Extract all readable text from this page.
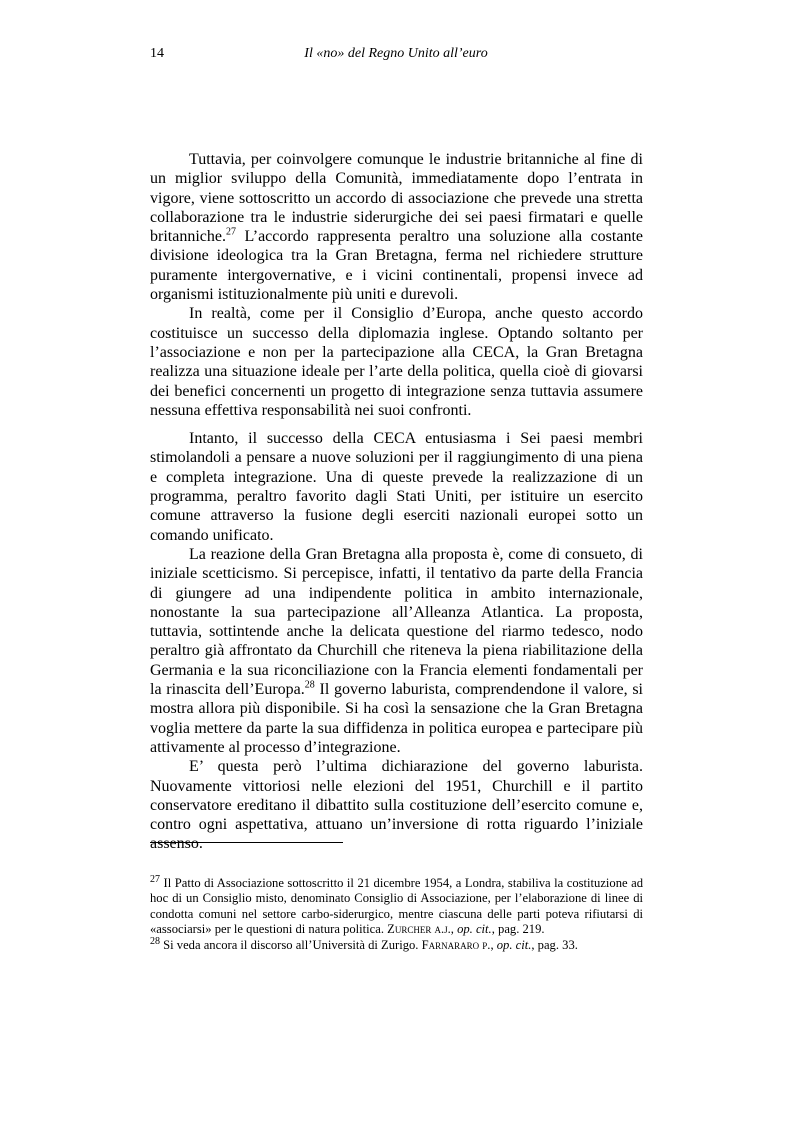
14	Il «no» del Regno Unito all’euro

Tuttavia, per coinvolgere comunque le industrie britanniche al fine di un miglior sviluppo della Comunità, immediatamente dopo l’entrata in vigore, viene sottoscritto un accordo di associazione che prevede una stretta collaborazione tra le industrie siderurgiche dei sei paesi firmatari e quelle britanniche.$^{27}$ L’accordo rappresenta peraltro una soluzione alla costante divisione ideologica tra la Gran Bretagna, ferma nel richiedere strutture puramente intergovernative, e i vicini continentali, propensi invece ad organismi istituzionalmente più uniti e durevoli.

In realtà, come per il Consiglio d’Europa, anche questo accordo costituisce un successo della diplomazia inglese. Optando soltanto per l’associazione e non per la partecipazione alla CECA, la Gran Bretagna realizza una situazione ideale per l’arte della politica, quella cioè di giovarsi dei benefici concernenti un progetto di integrazione senza tuttavia assumere nessuna effettiva responsabilità nei suoi confronti.

Intanto, il successo della CECA entusiasma i Sei paesi membri stimolandoli a pensare a nuove soluzioni per il raggiungimento di una piena e completa integrazione. Una di queste prevede la realizzazione di un programma, peraltro favorito dagli Stati Uniti, per istituire un esercito comune attraverso la fusione degli eserciti nazionali europei sotto un comando unificato.

La reazione della Gran Bretagna alla proposta è, come di consueto, di iniziale scetticismo. Si percepisce, infatti, il tentativo da parte della Francia di giungere ad una indipendente politica in ambito internazionale, nonostante la sua partecipazione all’Alleanza Atlantica. La proposta, tuttavia, sottintende anche la delicata questione del riarmo tedesco, nodo peraltro già affrontato da Churchill che riteneva la piena riabilitazione della Germania e la sua riconciliazione con la Francia elementi fondamentali per la rinascita dell’Europa.$^{28}$ Il governo laburista, comprendendone il valore, si mostra allora più disponibile. Si ha così la sensazione che la Gran Bretagna voglia mettere da parte la sua diffidenza in politica europea e partecipare più attivamente al processo d’integrazione.

E’ questa però l’ultima dichiarazione del governo laburista. Nuovamente vittoriosi nelle elezioni del 1951, Churchill e il partito conservatore ereditano il dibattito sulla costituzione dell’esercito comune e, contro ogni aspettativa, attuano un’inversione di rotta riguardo l’iniziale assenso.

$^{27}$ Il Patto di Associazione sottoscritto il 21 dicembre 1954, a Londra, stabiliva la costituzione ad hoc di un Consiglio misto, denominato Consiglio di Associazione, per l’elaborazione di linee di condotta comuni nel settore carbo-siderurgico, mentre ciascuna delle parti poteva rifiutarsi di «associarsi» per le questioni di natura politica. Zurcher a.j., op. cit., pag. 219.

$^{28}$ Si veda ancora il discorso all’Università di Zurigo. Farnararo p., op. cit., pag. 33.
